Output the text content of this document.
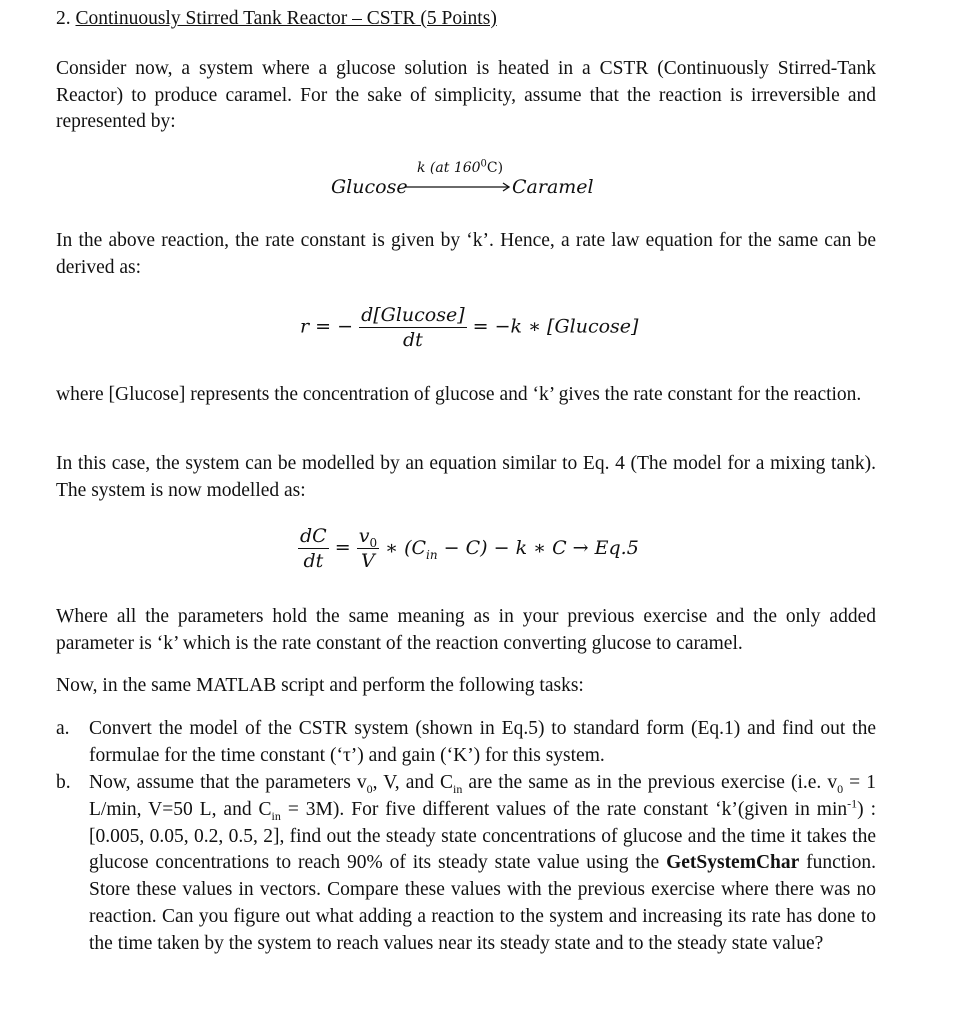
2. Continuously Stirred Tank Reactor – CSTR (5 Points)

Consider now, a system where a glucose solution is heated in a CSTR (Continuously Stirred-Tank Reactor) to produce caramel. For the sake of simplicity, assume that the reaction is irreversible and represented by:

Glucose
k (at $160^0C$)
Caramel

In the above reaction, the rate constant is given by ‘k’. Hence, a rate law equation for the same can be derived as:

r = − $\frac{\text{d[Glucose]}}{dt} = -k$ ∗ [Glucose]

where [Glucose] represents the concentration of glucose and ‘k’ gives the rate constant for the reaction.

In this case, the system can be modelled by an equation similar to Eq. 4 (The model for a mixing tank). The system is now modelled as:

$\frac{dC}{dt} = \frac{v_0}{V}$ ∗ $(C_{in} - C) - k$ ∗ C → Eq.5

Where all the parameters hold the same meaning as in your previous exercise and the only added parameter is ‘k’ which is the rate constant of the reaction converting glucose to caramel.

Now, in the same MATLAB script and perform the following tasks:

a. Convert the model of the CSTR system (shown in Eq.5) to standard form (Eq.1) and find out the formulae for the time constant (‘τ’) and gain (‘K’) for this system.
b. Now, assume that the parameters $v_0$, V, and $C_{in}$ are the same as in the previous exercise (i.e. $v_0 = 1$ L/min, V=50 L, and $C_{in} = 3M$). For five different values of the rate constant ‘k’(given in $\min^{-1}$) : [0.005, 0.05, 0.2, 0.5, 2], find out the steady state concentrations of glucose and the time it takes the glucose concentrations to reach 90% of its steady state value using the GetSystemChar function. Store these values in vectors. Compare these values with the previous exercise where there was no reaction. Can you figure out what adding a reaction to the system and increasing its rate has done to the time taken by the system to reach values near its steady state and to the steady state value?
